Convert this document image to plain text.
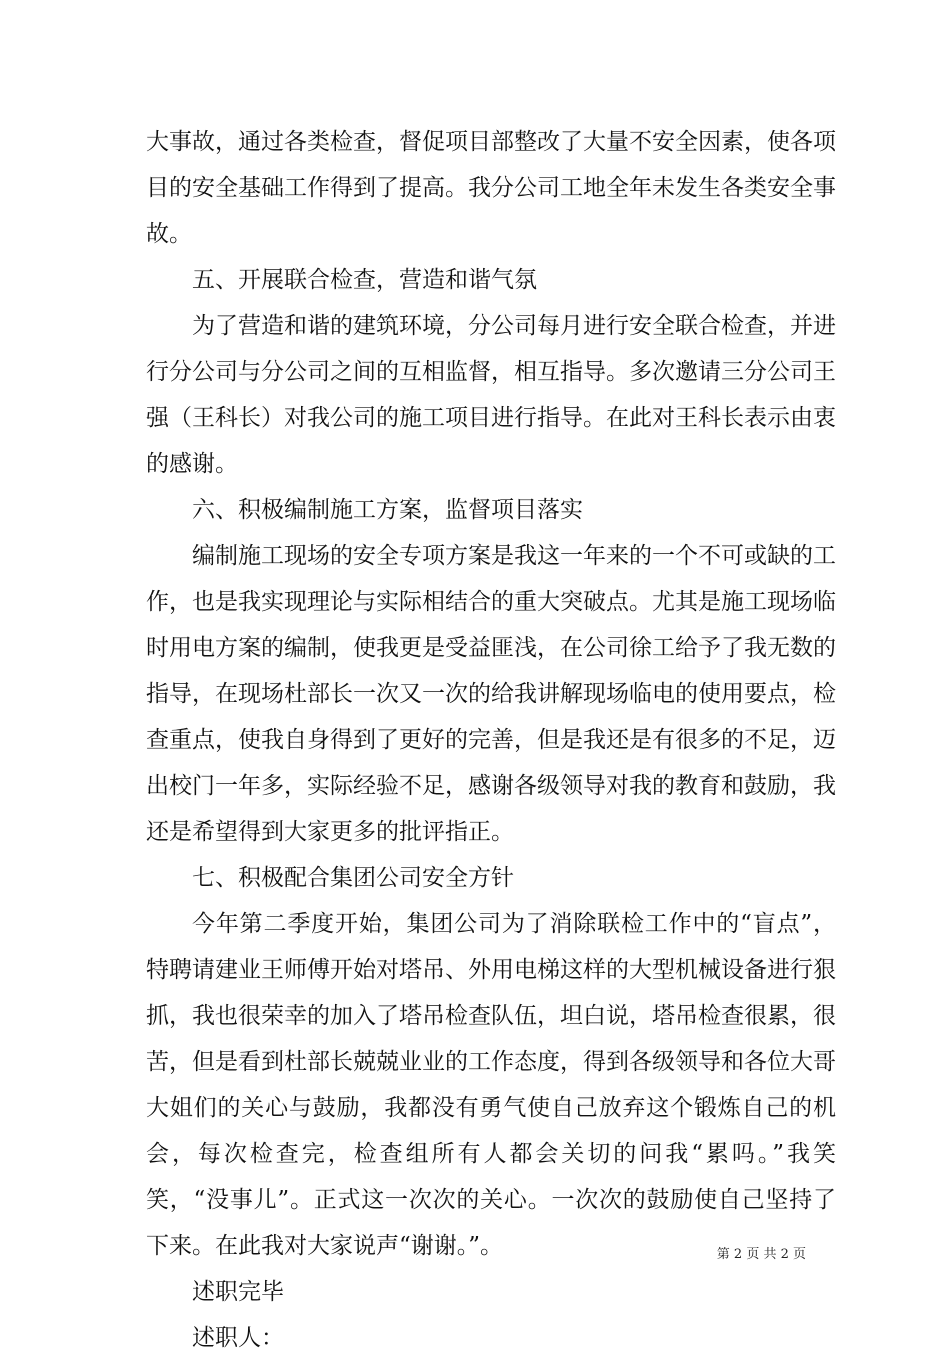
大事故，通过各类检查，督促项目部整改了大量不安全因素，使各项目的安全基础工作得到了提高。我分公司工地全年未发生各类安全事故。

五、开展联合检查，营造和谐气氛

为了营造和谐的建筑环境，分公司每月进行安全联合检查，并进行分公司与分公司之间的互相监督，相互指导。多次邀请三分公司王强（王科长）对我公司的施工项目进行指导。在此对王科长表示由衷的感谢。

六、积极编制施工方案，监督项目落实

编制施工现场的安全专项方案是我这一年来的一个不可或缺的工作，也是我实现理论与实际相结合的重大突破点。尤其是施工现场临时用电方案的编制，使我更是受益匪浅，在公司徐工给予了我无数的指导，在现场杜部长一次又一次的给我讲解现场临电的使用要点，检查重点，使我自身得到了更好的完善，但是我还是有很多的不足，迈出校门一年多，实际经验不足，感谢各级领导对我的教育和鼓励，我还是希望得到大家更多的批评指正。

七、积极配合集团公司安全方针

今年第二季度开始，集团公司为了消除联检工作中的“盲点”，特聘请建业王师傅开始对塔吊、外用电梯这样的大型机械设备进行狠抓，我也很荣幸的加入了塔吊检查队伍，坦白说，塔吊检查很累，很苦，但是看到杜部长兢兢业业的工作态度，得到各级领导和各位大哥大姐们的关心与鼓励，我都没有勇气使自己放弃这个锻炼自己的机会，每次检查完，检查组所有人都会关切的问我“累吗。”我笑笑，“没事儿”。正式这一次次的关心。一次次的鼓励使自己坚持了下来。在此我对大家说声“谢谢。”。

述职完毕

述职人：

第 2 页 共 2 页
